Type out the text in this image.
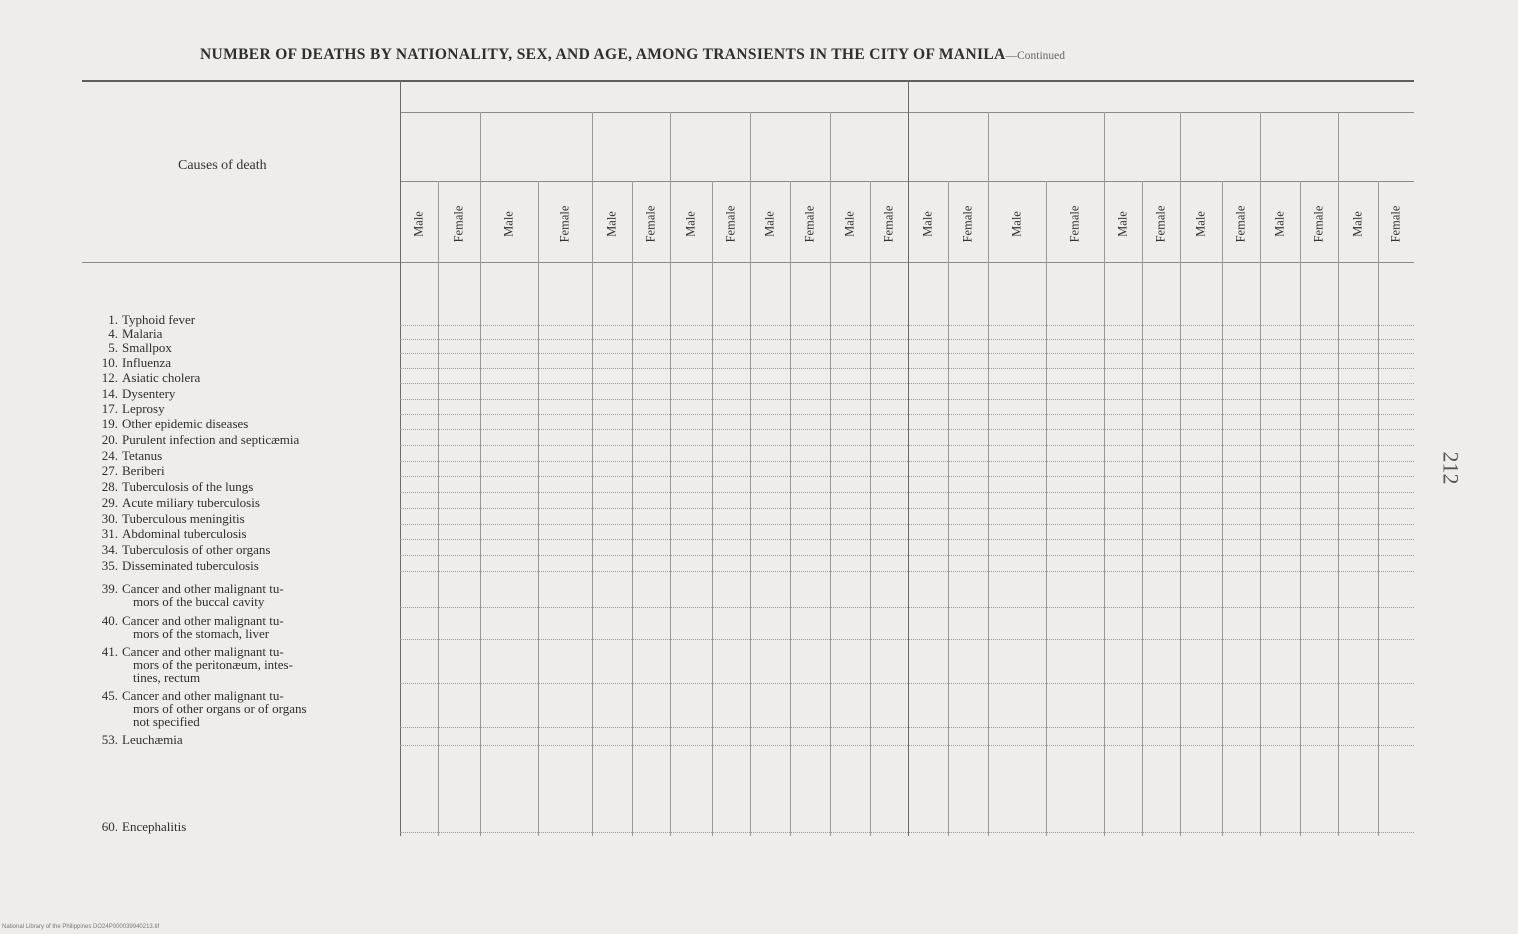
NUMBER OF DEATHS BY NATIONALITY, SEX, AND AGE, AMONG TRANSIENTS IN THE CITY OF MANILA—Continued
212
National Library of the Philippines DO24P000039940213.tif
Male Female	Male	Female	Male Female Male Female Male Female Male Female Male Female	Male	Female	Male Female Male Female Male Female Male Female
1. Typhoid fever
4. Malaria
5. Smallpox
10. Influenza
12. Asiatic cholera
14. Dysentery
17. Leprosy
19. Other epidemic diseases
20. Purulent infection and septicæmia
24. Tetanus
27. Beriberi
28. Tuberculosis of the lungs
29. Acute miliary tuberculosis
30. Tuberculous meningitis
31. Abdominal tuberculosis
34. Tuberculosis of other organs
35. Disseminated tuberculosis
39. Cancer and other malignant tu-
mors of the buccal cavity
40. Cancer and other malignant tu-
mors of the stomach, liver
41. Cancer and other malignant tu-
mors of the peritonæum, intes-
tines, rectum
45. Cancer and other malignant tu-
mors of other organs or of organs
not specified
53. Leuchæmia
60. Encephalitis
Causes of death
